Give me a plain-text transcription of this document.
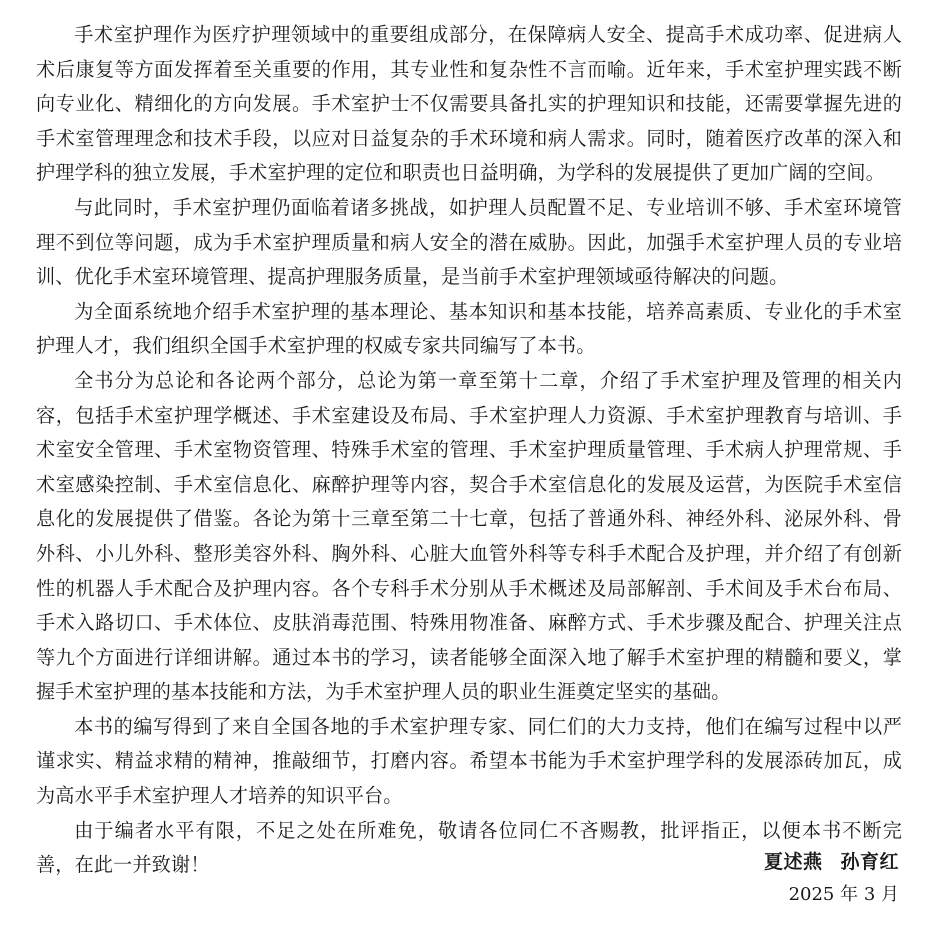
手术室护理作为医疗护理领域中的重要组成部分，在保障病人安全、提高手术成功率、促进病人术后康复等方面发挥着至关重要的作用，其专业性和复杂性不言而喻。近年来，手术室护理实践不断向专业化、精细化的方向发展。手术室护士不仅需要具备扎实的护理知识和技能，还需要掌握先进的手术室管理理念和技术手段，以应对日益复杂的手术环境和病人需求。同时，随着医疗改革的深入和护理学科的独立发展，手术室护理的定位和职责也日益明确，为学科的发展提供了更加广阔的空间。

与此同时，手术室护理仍面临着诸多挑战，如护理人员配置不足、专业培训不够、手术室环境管理不到位等问题，成为手术室护理质量和病人安全的潜在威胁。因此，加强手术室护理人员的专业培训、优化手术室环境管理、提高护理服务质量，是当前手术室护理领域亟待解决的问题。

为全面系统地介绍手术室护理的基本理论、基本知识和基本技能，培养高素质、专业化的手术室护理人才，我们组织全国手术室护理的权威专家共同编写了本书。

全书分为总论和各论两个部分，总论为第一章至第十二章，介绍了手术室护理及管理的相关内容，包括手术室护理学概述、手术室建设及布局、手术室护理人力资源、手术室护理教育与培训、手术室安全管理、手术室物资管理、特殊手术室的管理、手术室护理质量管理、手术病人护理常规、手术室感染控制、手术室信息化、麻醉护理等内容，契合手术室信息化的发展及运营，为医院手术室信息化的发展提供了借鉴。各论为第十三章至第二十七章，包括了普通外科、神经外科、泌尿外科、骨外科、小儿外科、整形美容外科、胸外科、心脏大血管外科等专科手术配合及护理，并介绍了有创新性的机器人手术配合及护理内容。各个专科手术分别从手术概述及局部解剖、手术间及手术台布局、手术入路切口、手术体位、皮肤消毒范围、特殊用物准备、麻醉方式、手术步骤及配合、护理关注点等九个方面进行详细讲解。通过本书的学习，读者能够全面深入地了解手术室护理的精髓和要义，掌握手术室护理的基本技能和方法，为手术室护理人员的职业生涯奠定坚实的基础。

本书的编写得到了来自全国各地的手术室护理专家、同仁们的大力支持，他们在编写过程中以严谨求实、精益求精的精神，推敲细节，打磨内容。希望本书能为手术室护理学科的发展添砖加瓦，成为高水平手术室护理人才培养的知识平台。

由于编者水平有限，不足之处在所难免，敬请各位同仁不吝赐教，批评指正，以便本书不断完善，在此一并致谢！	夏述燕 孙育红
2025 年 3 月
